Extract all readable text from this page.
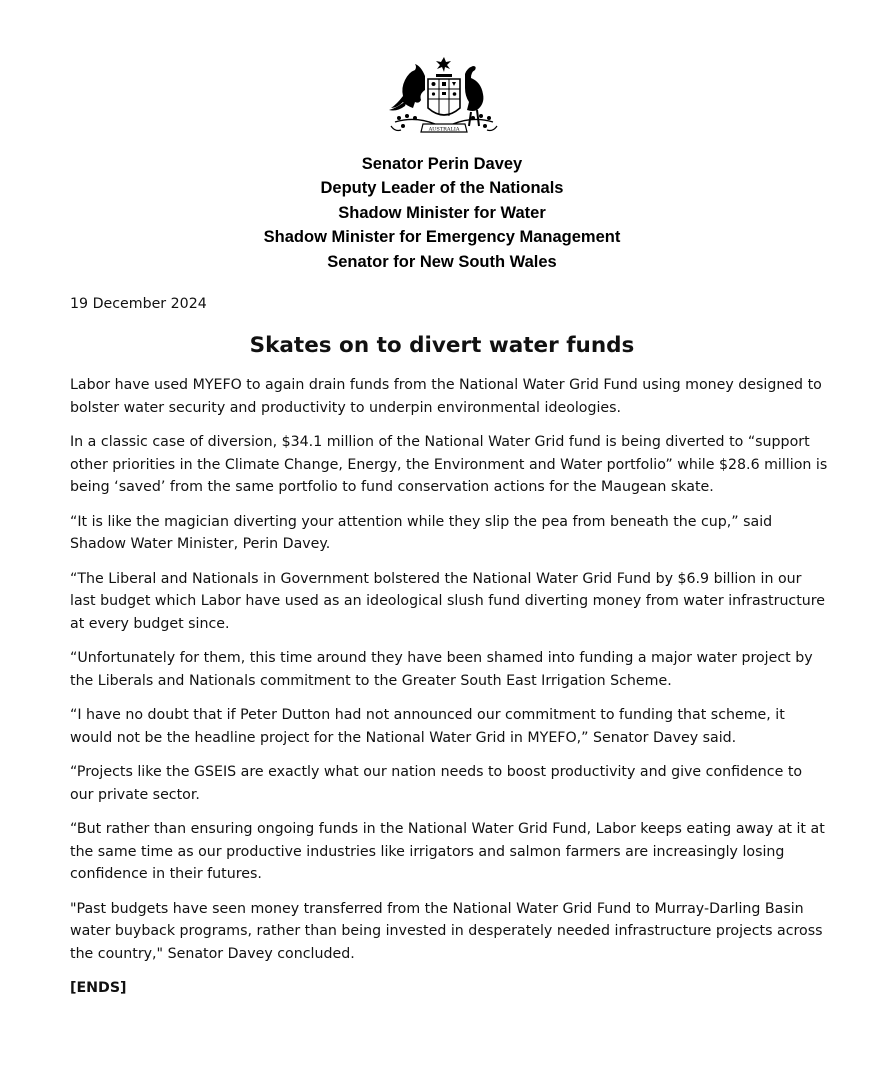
AUSTRALIA
Senator Perin Davey
Deputy Leader of the Nationals
Shadow Minister for Water
Shadow Minister for Emergency Management
Senator for New South Wales
19 December 2024
Skates on to divert water funds

Labor have used MYEFO to again drain funds from the National Water Grid Fund using money designed to bolster water security and productivity to underpin environmental ideologies.

In a classic case of diversion, $34.1 million of the National Water Grid fund is being diverted to “support other priorities in the Climate Change, Energy, the Environment and Water portfolio” while $28.6 million is being ‘saved’ from the same portfolio to fund conservation actions for the Maugean skate.

“It is like the magician diverting your attention while they slip the pea from beneath the cup,” said Shadow Water Minister, Perin Davey.

“The Liberal and Nationals in Government bolstered the National Water Grid Fund by $6.9 billion in our last budget which Labor have used as an ideological slush fund diverting money from water infrastructure at every budget since.

“Unfortunately for them, this time around they have been shamed into funding a major water project by the Liberals and Nationals commitment to the Greater South East Irrigation Scheme.

“I have no doubt that if Peter Dutton had not announced our commitment to funding that scheme, it would not be the headline project for the National Water Grid in MYEFO,” Senator Davey said.

“Projects like the GSEIS are exactly what our nation needs to boost productivity and give confidence to our private sector.

“But rather than ensuring ongoing funds in the National Water Grid Fund, Labor keeps eating away at it at the same time as our productive industries like irrigators and salmon farmers are increasingly losing confidence in their futures.

"Past budgets have seen money transferred from the National Water Grid Fund to Murray-Darling Basin water buyback programs, rather than being invested in desperately needed infrastructure projects across the country," Senator Davey concluded.

[ENDS]
